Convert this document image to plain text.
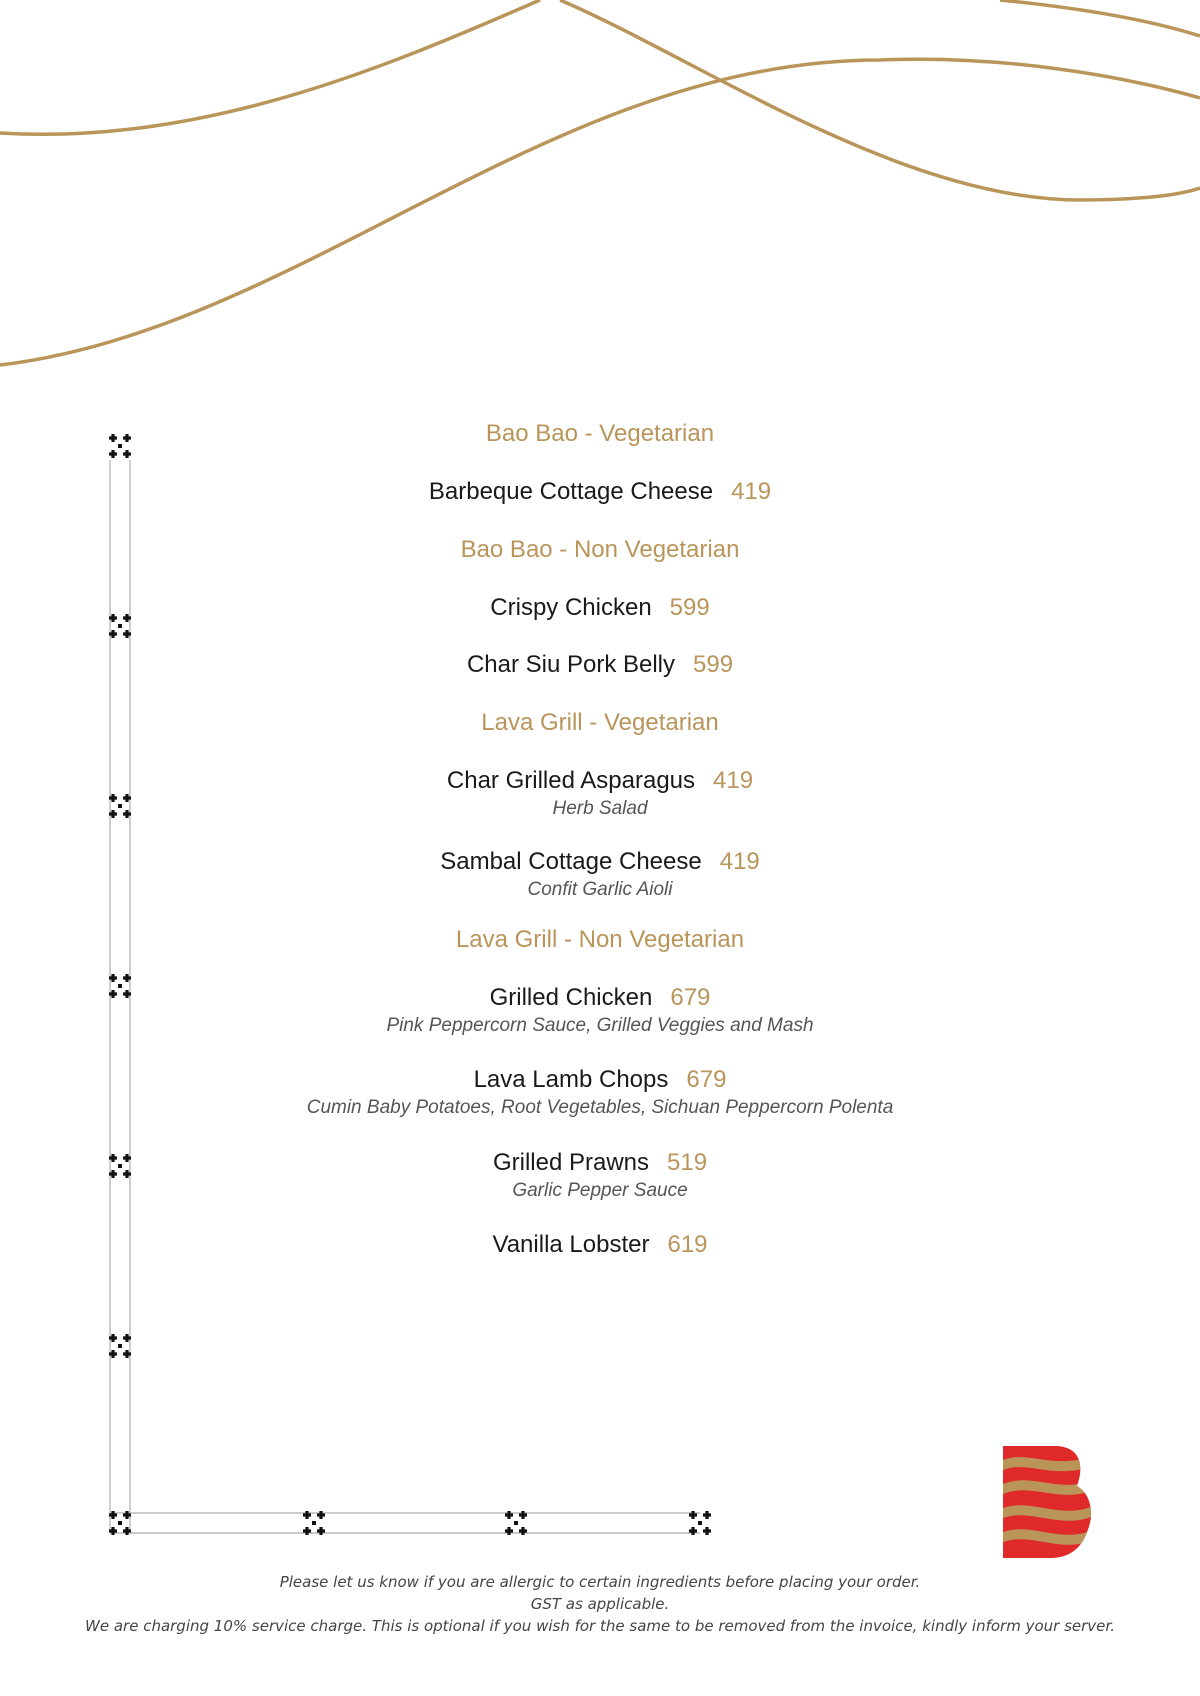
Bao Bao - Vegetarian
Barbeque Cottage Cheese 419
Bao Bao - Non Vegetarian
Crispy Chicken 599
Char Siu Pork Belly 599
Lava Grill - Vegetarian
Char Grilled Asparagus 419
Herb Salad
Sambal Cottage Cheese 419
Confit Garlic Aioli
Lava Grill - Non Vegetarian
Grilled Chicken 679
Pink Peppercorn Sauce, Grilled Veggies and Mash
Lava Lamb Chops 679
Cumin Baby Potatoes, Root Vegetables, Sichuan Peppercorn Polenta
Grilled Prawns 519
Garlic Pepper Sauce
Vanilla Lobster 619
Please let us know if you are allergic to certain ingredients before placing your order.
GST as applicable.
We are charging 10% service charge. This is optional if you wish for the same to be removed from the invoice, kindly inform your server.
